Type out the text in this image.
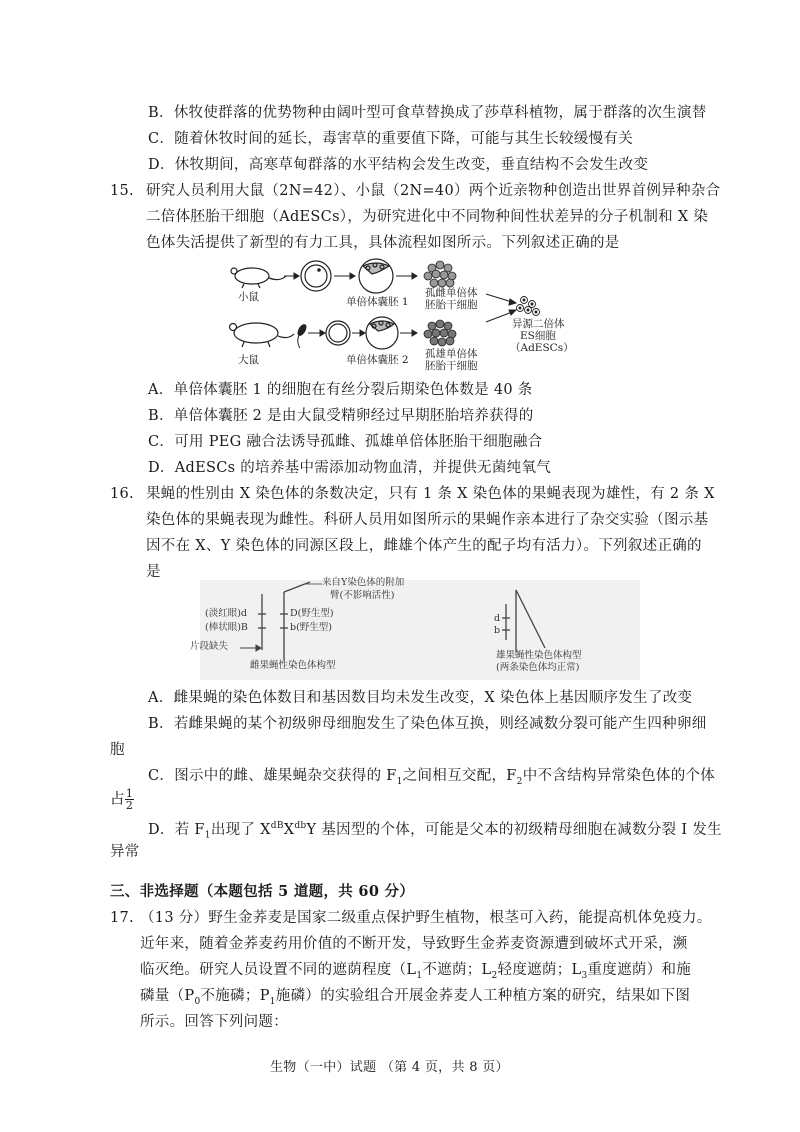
B．休牧使群落的优势物种由阔叶型可食草替换成了莎草科植物，属于群落的次生演替
C．随着休牧时间的延长，毒害草的重要值下降，可能与其生长较缓慢有关
D．休牧期间，高寒草甸群落的水平结构会发生改变，垂直结构不会发生改变
15. 研究人员利用大鼠（2N=42）、小鼠（2N=40）两个近亲物种创造出世界首例异种杂合
二倍体胚胎干细胞（AdESCs），为研究进化中不同物种间性状差异的分子机制和 X 染
色体失活提供了新型的有力工具，具体流程如图所示。下列叙述正确的是
小鼠	单倍体囊胚 1
孤雌单倍体
胚胎干细胞
大鼠	单倍体囊胚 2 孤雄单倍体
胚胎干细胞
异源二倍体
ES细胞
（AdESCs）
A．单倍体囊胚 1 的细胞在有丝分裂后期染色体数是 40 条
B．单倍体囊胚 2 是由大鼠受精卵经过早期胚胎培养获得的
C．可用 PEG 融合法诱导孤雌、孤雄单倍体胚胎干细胞融合
D．AdESCs 的培养基中需添加动物血清，并提供无菌纯氧气
16. 果蝇的性别由 X 染色体的条数决定，只有 1 条 X 染色体的果蝇表现为雄性，有 2 条 X
染色体的果蝇表现为雌性。科研人员用如图所示的果蝇作亲本进行了杂交实验（图示基
因不在 X、Y 染色体的同源区段上，雌雄个体产生的配子均有活力）。下列叙述正确的
是
来自Y染色体的附加
臂(不影响活性)
(淡红眼)d
(棒状眼)B
D(野生型)
b(野生型)
片段缺失
雌果蝇性染色体构型
d
b
雄果蝇性染色体构型
(两条染色体均正常)
A．雌果蝇的染色体数目和基因数目均未发生改变，X 染色体上基因顺序发生了改变
B．若雌果蝇的某个初级卵母细胞发生了染色体互换，则经减数分裂可能产生四种卵细
胞
C．图示中的雌、雄果蝇杂交获得的 $F_1$之间相互交配，$F_2$中不含结构异常染色体的个体
占 $\frac{1}{2}$
D．若 $F_1$出现了 $X^{dB}X^{db}Y$ 基因型的个体，可能是父本的初级精母细胞在减数分裂 I 发生
异常
三、非选择题（本题包括 5 道题，共 60 分）
17. （13 分）野生金荞麦是国家二级重点保护野生植物，根茎可入药，能提高机体免疫力。
近年来，随着金荞麦药用价值的不断开发，导致野生金荞麦资源遭到破坏式开采，濒
临灭绝。研究人员设置不同的遮荫程度（$L_1$不遮荫；$L_2$轻度遮荫；$L_3$重度遮荫）和施
磷量（$P_0$不施磷；$P_1$施磷）的实验组合开展金荞麦人工种植方案的研究，结果如下图
所示。回答下列问题：
生物（一中）试题 （第 4 页，共 8 页）
